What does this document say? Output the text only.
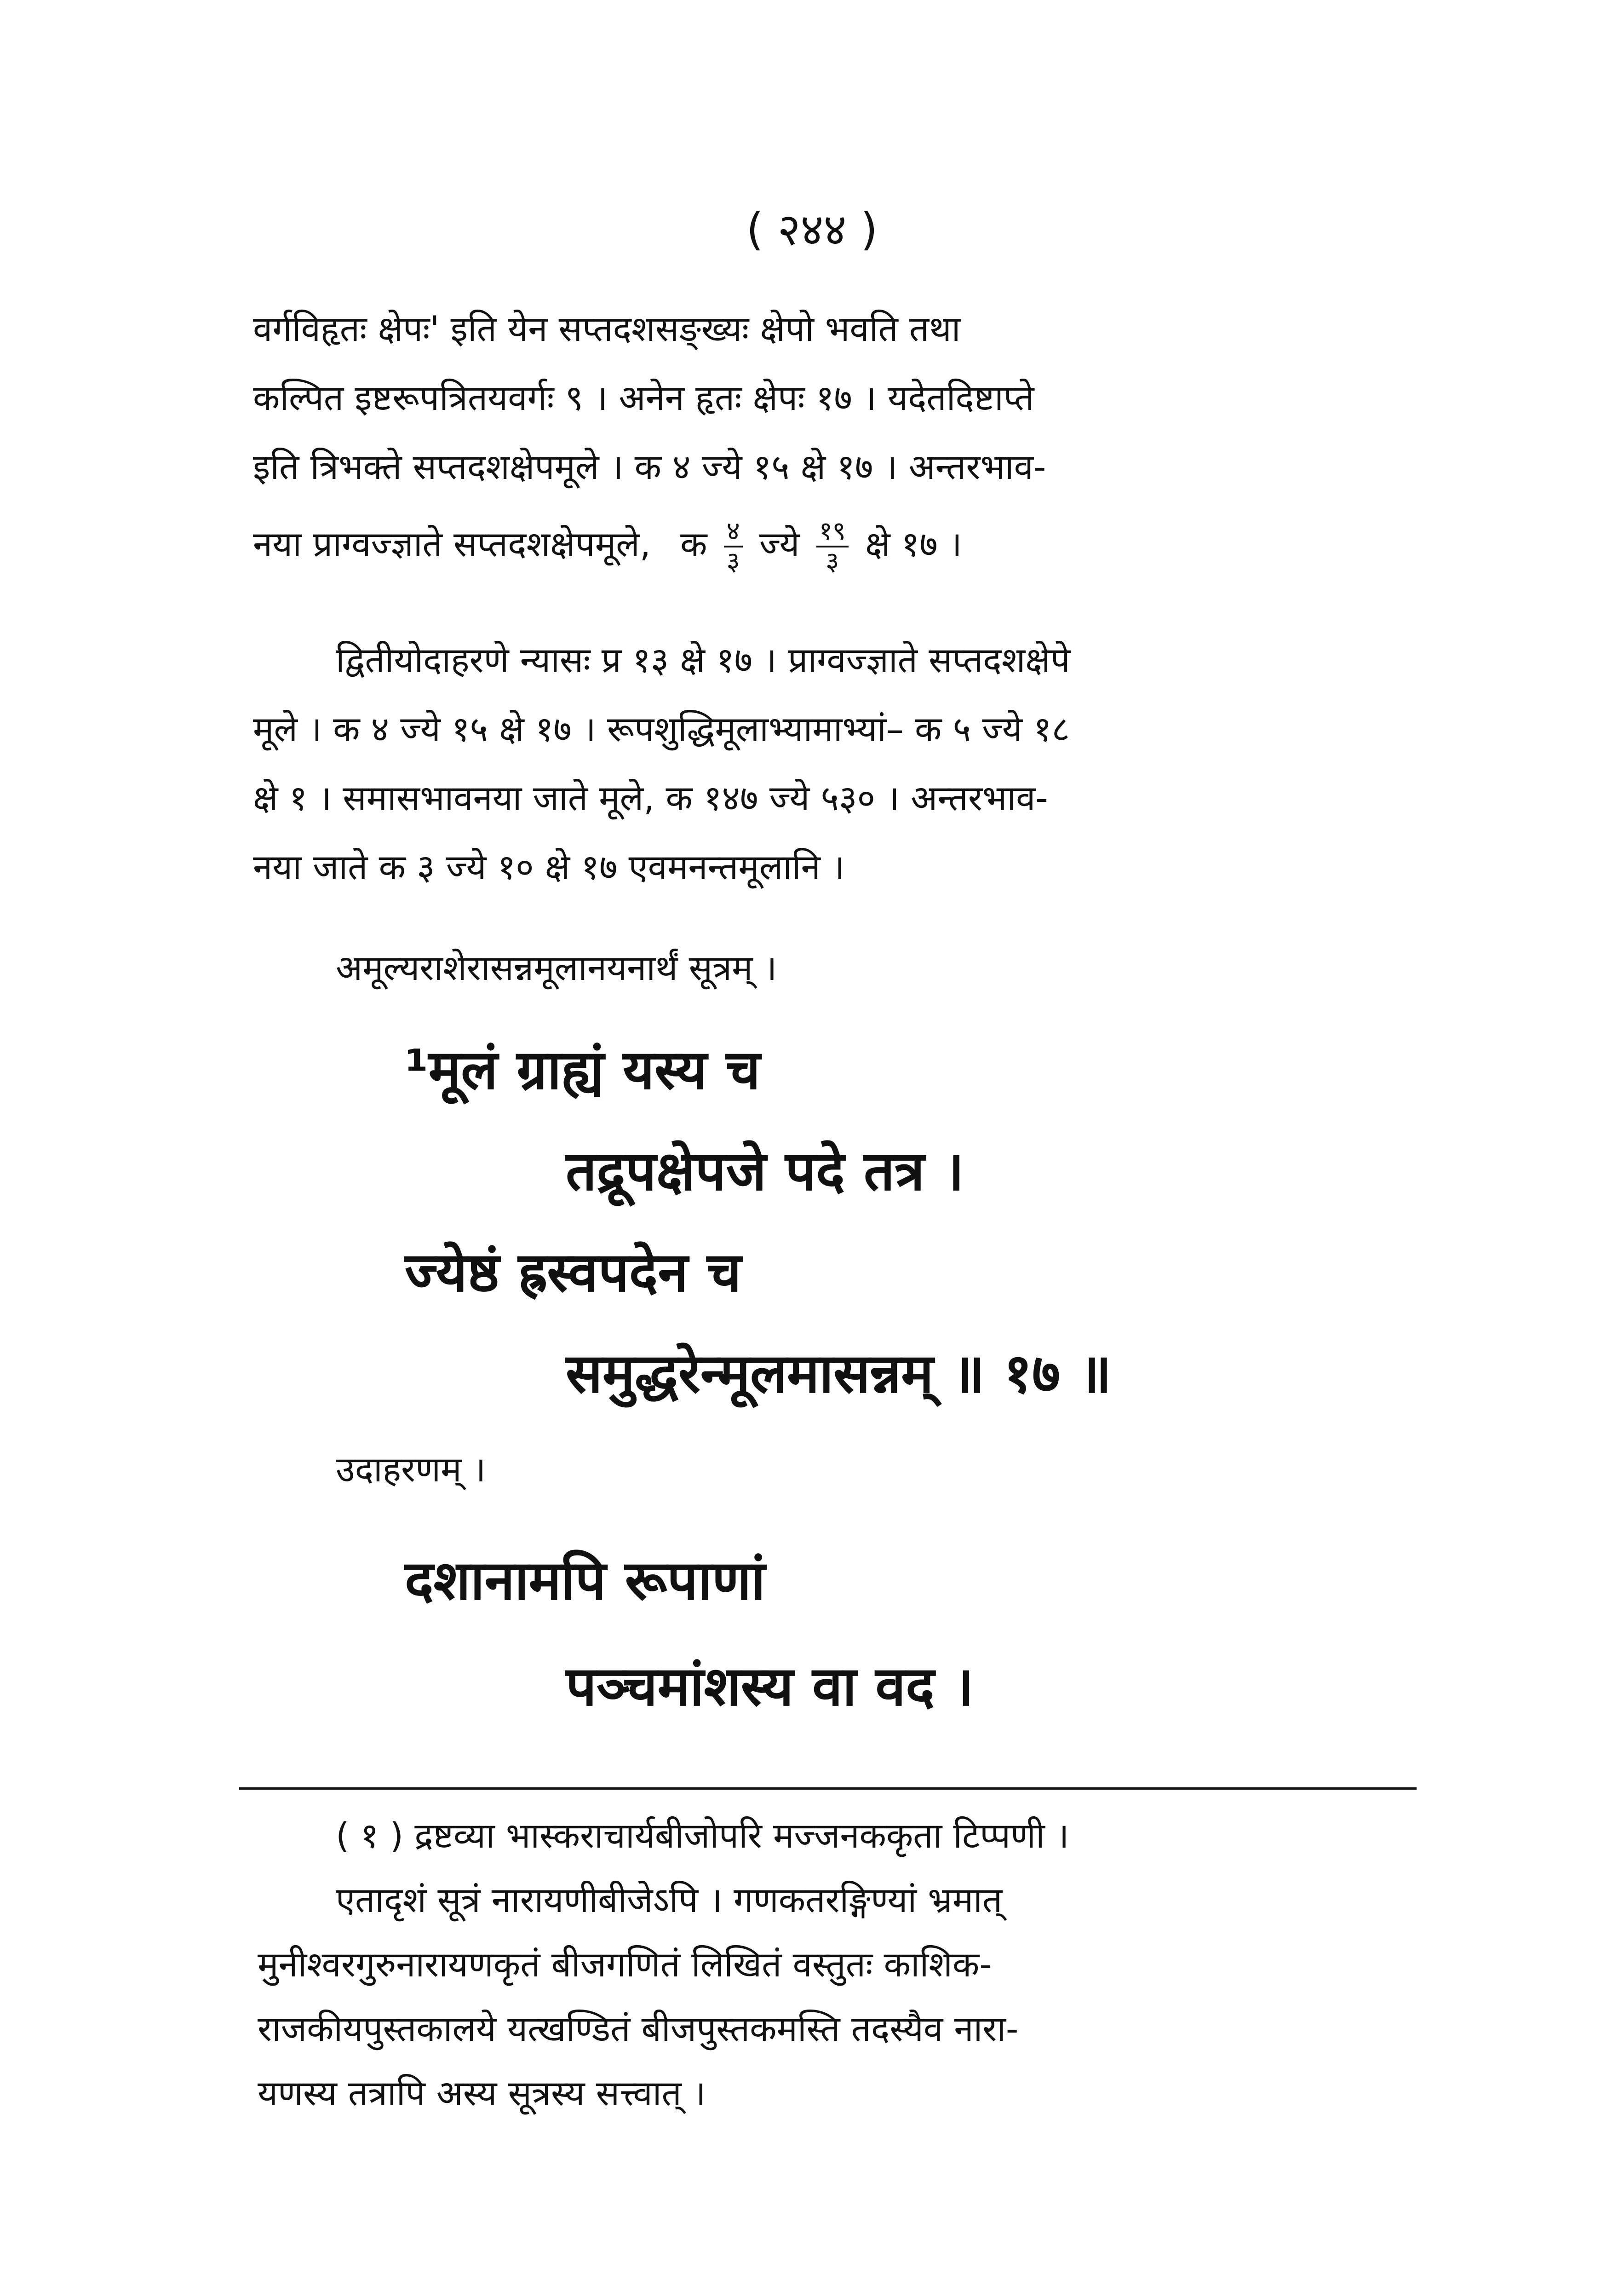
( २४४ )
वर्गविहृतः क्षेपः' इति येन सप्तदशसङ्ख्यः क्षेपो भवति तथा
कल्पित इष्टरूपत्रितयवर्गः ९ । अनेन हृतः क्षेपः १७ । यदेतदिष्टाप्ते
इति त्रिभक्ते सप्तदशक्षेपमूले । क ४ ज्ये १५ क्षे १७ । अन्तरभाव-
नया प्राग्वज्ज्ञाते सप्तदशक्षेपमूले, क $\frac{४}{३}$ ज्ये $\frac{१९}{३}$ क्षे १७ ।
द्वितीयोदाहरणे न्यासः प्र १३ क्षे १७ । प्राग्वज्ज्ञाते सप्तदशक्षेपे
मूले । क ४ ज्ये १५ क्षे १७ । रूपशुद्धिमूलाभ्यामाभ्यां– क ५ ज्ये १८
क्षे १ । समासभावनया जाते मूले, क १४७ ज्ये ५३० । अन्तरभाव-
नया जाते क ३ ज्ये १० क्षे १७ एवमनन्तमूलानि ।
अमूल्यराशेरासन्नमूलानयनार्थं सूत्रम् ।
¹मूलं ग्राह्यं यस्य च
तद्रूपक्षेपजे पदे तत्र ।
ज्येष्ठं ह्रस्वपदेन च
समुद्धरेन्मूलमासन्नम् ॥ १७ ॥
उदाहरणम् ।
दशानामपि रूपाणां
पञ्चमांशस्य वा वद ।
( १ ) द्रष्टव्या भास्कराचार्यबीजोपरि मज्जनककृता टिप्पणी ।
एतादृशं सूत्रं नारायणीबीजेऽपि । गणकतरङ्गिण्यां भ्रमात्
मुनीश्वरगुरुनारायणकृतं बीजगणितं लिखितं वस्तुतः काशिक-
राजकीयपुस्तकालये यत्खण्डितं बीजपुस्तकमस्ति तदस्यैव नारा-
यणस्य तत्रापि अस्य सूत्रस्य सत्त्वात् ।
